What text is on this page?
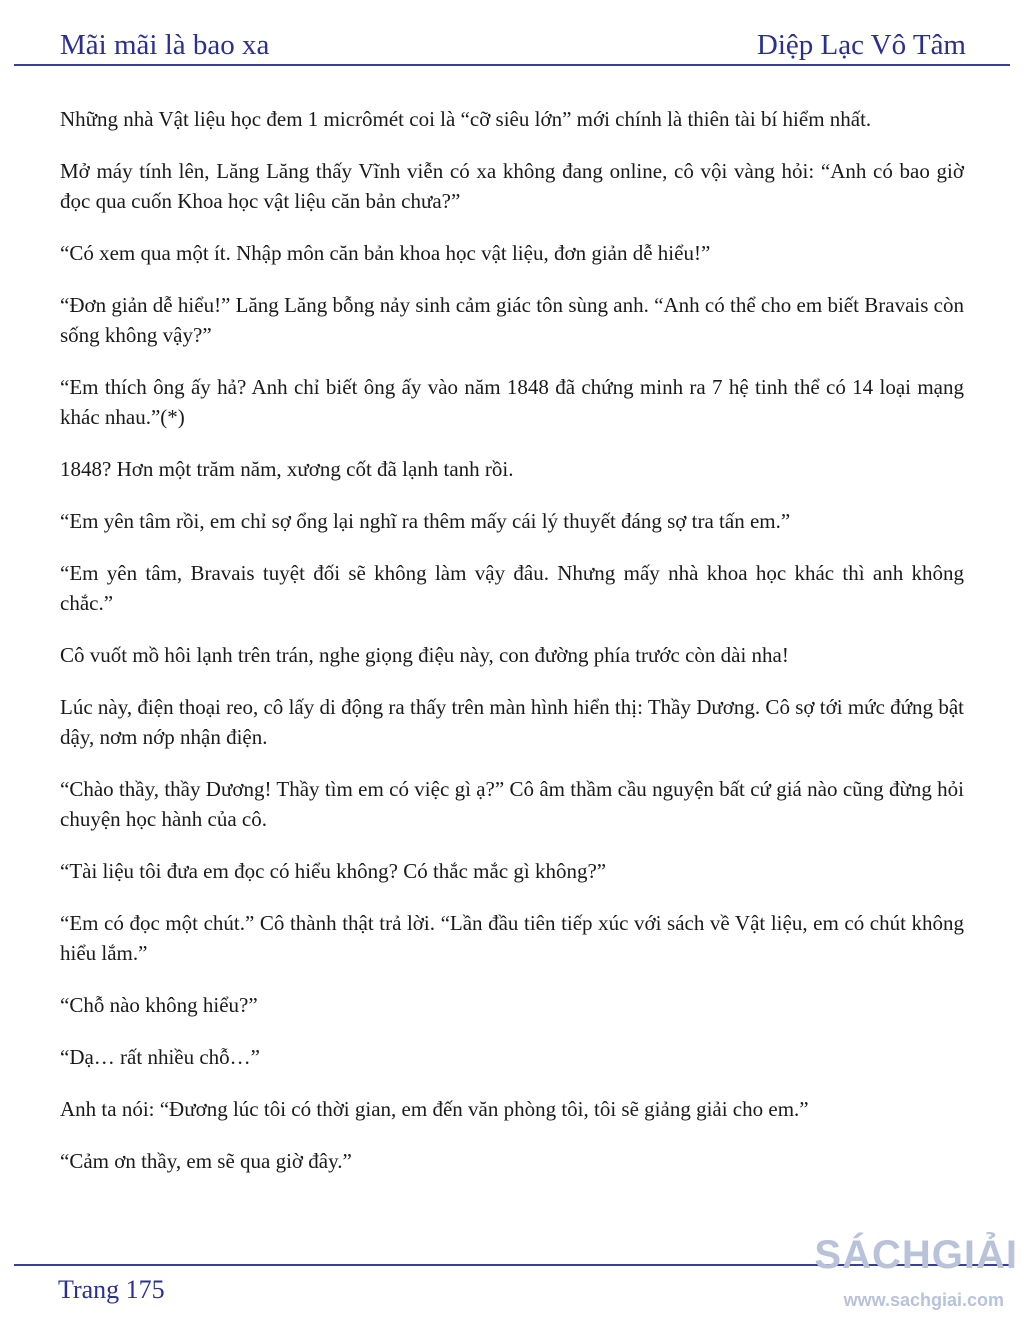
Mãi mãi là bao xa	Diệp Lạc Vô Tâm

Những nhà Vật liệu học đem 1 micrômét coi là “cỡ siêu lớn” mới chính là thiên tài bí hiểm nhất.

Mở máy tính lên, Lăng Lăng thấy Vĩnh viễn có xa không đang online, cô vội vàng hỏi: “Anh có bao giờ đọc qua cuốn Khoa học vật liệu căn bản chưa?”

“Có xem qua một ít. Nhập môn căn bản khoa học vật liệu, đơn giản dễ hiểu!”

“Đơn giản dễ hiểu!” Lăng Lăng bỗng nảy sinh cảm giác tôn sùng anh. “Anh có thể cho em biết Bravais còn sống không vậy?”

“Em thích ông ấy hả? Anh chỉ biết ông ấy vào năm 1848 đã chứng minh ra 7 hệ tinh thể có 14 loại mạng khác nhau.”(*)

1848? Hơn một trăm năm, xương cốt đã lạnh tanh rồi.

“Em yên tâm rồi, em chỉ sợ ổng lại nghĩ ra thêm mấy cái lý thuyết đáng sợ tra tấn em.”

“Em yên tâm, Bravais tuyệt đối sẽ không làm vậy đâu. Nhưng mấy nhà khoa học khác thì anh không chắc.”

Cô vuốt mồ hôi lạnh trên trán, nghe giọng điệu này, con đường phía trước còn dài nha!

Lúc này, điện thoại reo, cô lấy di động ra thấy trên màn hình hiển thị: Thầy Dương. Cô sợ tới mức đứng bật dậy, nơm nớp nhận điện.

“Chào thầy, thầy Dương! Thầy tìm em có việc gì ạ?” Cô âm thầm cầu nguyện bất cứ giá nào cũng đừng hỏi chuyện học hành của cô.

“Tài liệu tôi đưa em đọc có hiểu không? Có thắc mắc gì không?”

“Em có đọc một chút.” Cô thành thật trả lời. “Lần đầu tiên tiếp xúc với sách về Vật liệu, em có chút không hiểu lắm.”

“Chỗ nào không hiểu?”

“Dạ… rất nhiều chỗ…”

Anh ta nói: “Đương lúc tôi có thời gian, em đến văn phòng tôi, tôi sẽ giảng giải cho em.”

“Cảm ơn thầy, em sẽ qua giờ đây.”

Trang 175
SÁCHGIẢI
www.sachgiai.com
